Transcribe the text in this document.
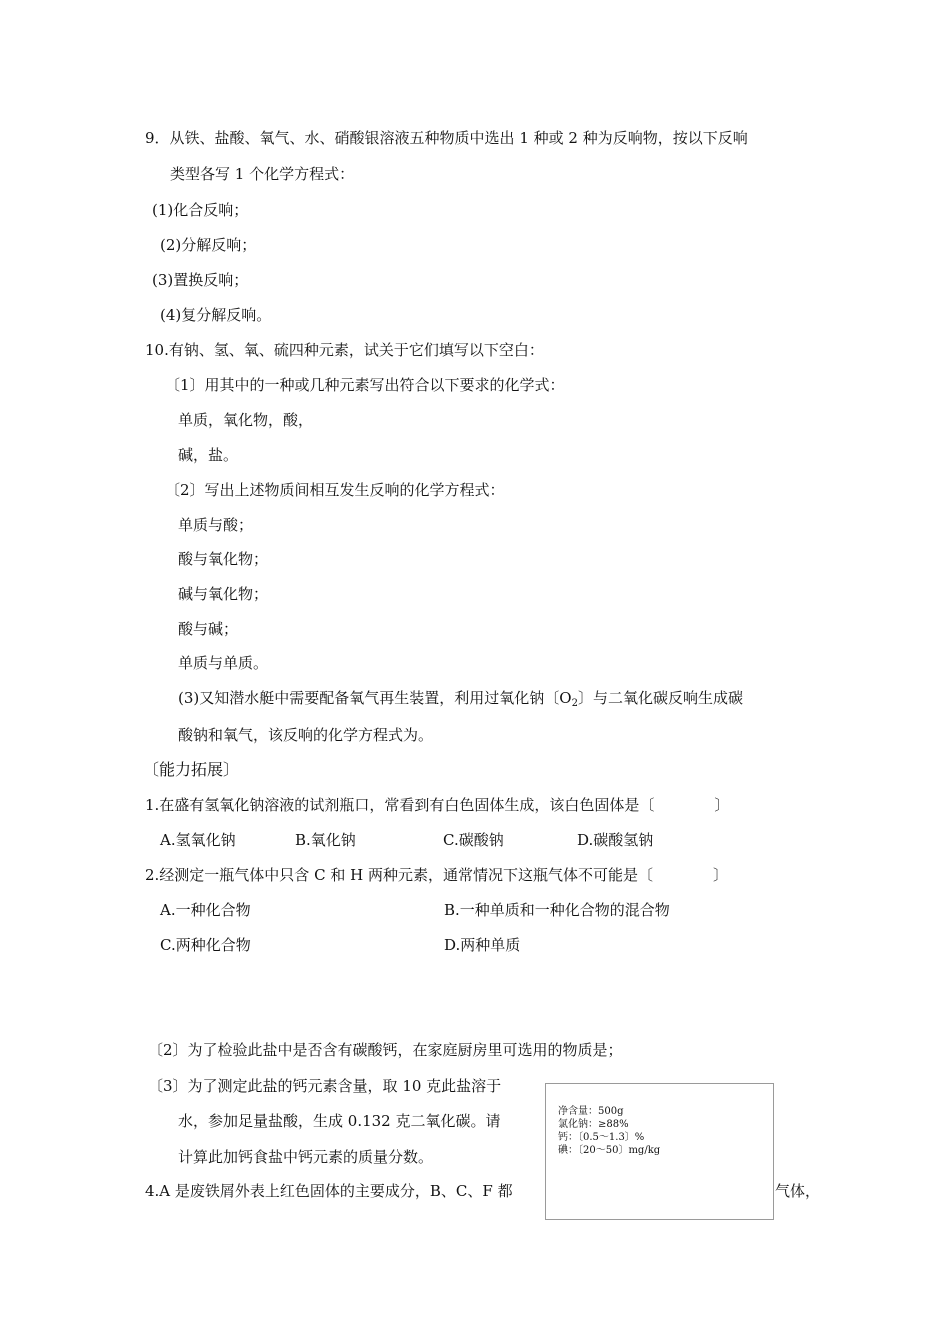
9．从铁、盐酸、氧气、水、硝酸银溶液五种物质中选出 1 种或 2 种为反响物，按以下反响
类型各写 1 个化学方程式：
(1)化合反响；
(2)分解反响；
(3)置换反响；
(4)复分解反响。
10.有钠、氢、氧、硫四种元素，试关于它们填写以下空白：
〔1〕用其中的一种或几种元素写出符合以下要求的化学式：
单质，氧化物，酸，
碱，盐。
〔2〕写出上述物质间相互发生反响的化学方程式：
单质与酸；
酸与氧化物；
碱与氧化物；
酸与碱；
单质与单质。
(3)又知潜水艇中需要配备氧气再生装置，利用过氧化钠〔$O_2$〕与二氧化碳反响生成碳
酸钠和氧气，该反响的化学方程式为。
〔能力拓展〕
1.在盛有氢氧化钠溶液的试剂瓶口，常看到有白色固体生成，该白色固体是〔　　　　〕
A.氢氧化钠	B.氧化钠	C.碳酸钠	D.碳酸氢钠
2.经测定一瓶气体中只含 C 和 H 两种元素，通常情况下这瓶气体不可能是〔　　　　〕
A.一种化合物	B.一种单质和一种化合物的混合物
C.两种化合物	D.两种单质
〔2〕为了检验此盐中是否含有碳酸钙，在家庭厨房里可选用的物质是；
〔3〕为了测定此盐的钙元素含量，取 10 克此盐溶于
水，参加足量盐酸，生成 0.132 克二氧化碳。请
计算此加钙食盐中钙元素的质量分数。
4.A 是废铁屑外表上红色固体的主要成分，B、C、F 都	气体，
净含量：500g
氯化钠：≥88%
钙：〔0.5～1.3〕%
碘：〔20～50〕mg/kg
